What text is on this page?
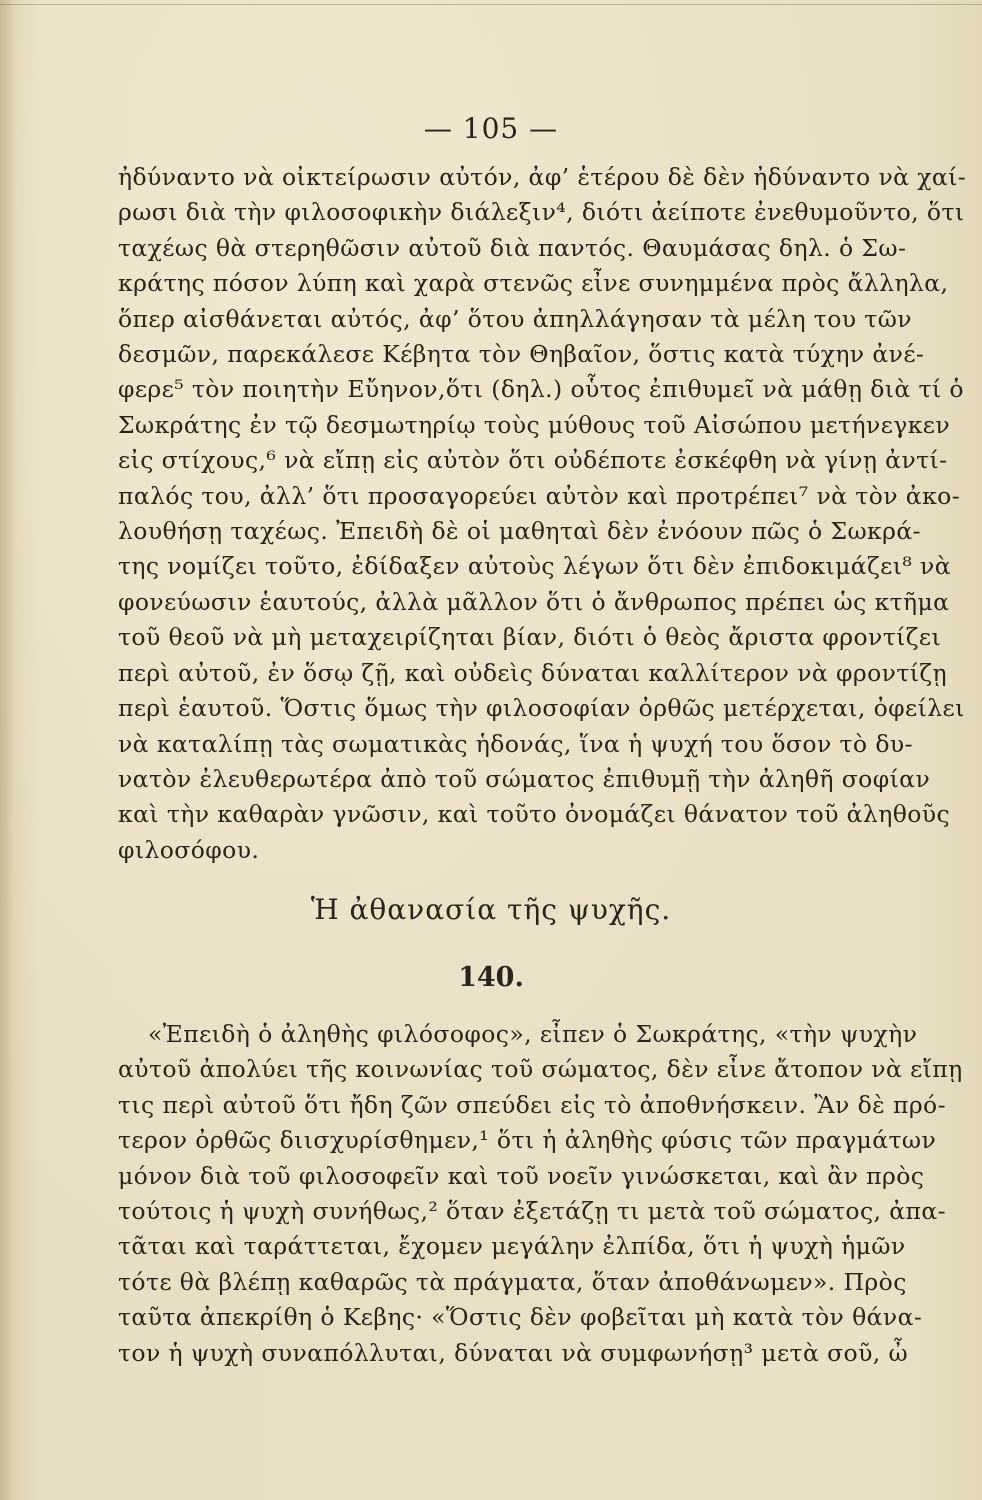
— 105 —
ἠδύναντο νὰ οἰκτείρωσιν αὐτόν, ἀφ’ ἑτέρου δὲ δὲν ἠδύναντο νὰ χαί-
ρωσι διὰ τὴν φιλοσοφικὴν διάλεξιν⁴, διότι ἀείποτε ἐνεθυμοῦντο, ὅτι
ταχέως θὰ στερηθῶσιν αὐτοῦ διὰ παντός. Θαυμάσας δηλ. ὁ Σω-
κράτης πόσον λύπη καὶ χαρὰ στενῶς εἶνε συνημμένα πρὸς ἄλληλα,
ὅπερ αἰσθάνεται αὐτός, ἀφ’ ὅτου ἀπηλλάγησαν τὰ μέλη του τῶν
δεσμῶν, παρεκάλεσε Κέβητα τὸν Θηβαῖον, ὅστις κατὰ τύχην ἀνέ-
φερε⁵ τὸν ποιητὴν Εὔηνον,ὅτι (δηλ.) οὗτος ἐπιθυμεῖ νὰ μάθῃ διὰ τί ὁ
Σωκράτης ἐν τῷ δεσμωτηρίῳ τοὺς μύθους τοῦ Αἰσώπου μετήνεγκεν
εἰς στίχους,⁶ νὰ εἴπῃ εἰς αὐτὸν ὅτι οὐδέποτε ἐσκέφθη νὰ γίνῃ ἀντί-
παλός του, ἀλλ’ ὅτι προσαγορεύει αὐτὸν καὶ προτρέπει⁷ νὰ τὸν ἀκο-
λουθήσῃ ταχέως. Ἐπειδὴ δὲ οἱ μαθηταὶ δὲν ἐνόουν πῶς ὁ Σωκρά-
της νομίζει τοῦτο, ἐδίδαξεν αὐτοὺς λέγων ὅτι δὲν ἐπιδοκιμάζει⁸ νὰ
φονεύωσιν ἑαυτούς, ἀλλὰ μᾶλλον ὅτι ὁ ἄνθρωπος πρέπει ὡς κτῆμα
τοῦ θεοῦ νὰ μὴ μεταχειρίζηται βίαν, διότι ὁ θεὸς ἄριστα φροντίζει
περὶ αὐτοῦ, ἐν ὅσῳ ζῇ, καὶ οὐδεὶς δύναται καλλίτερον νὰ φροντίζῃ
περὶ ἑαυτοῦ. Ὅστις ὅμως τὴν φιλοσοφίαν ὀρθῶς μετέρχεται, ὀφείλει
νὰ καταλίπῃ τὰς σωματικὰς ἡδονάς, ἵνα ἡ ψυχή του ὅσον τὸ δυ-
νατὸν ἐλευθερωτέρα ἀπὸ τοῦ σώματος ἐπιθυμῇ τὴν ἀληθῆ σοφίαν
καὶ τὴν καθαρὰν γνῶσιν, καὶ τοῦτο ὀνομάζει θάνατον τοῦ ἀληθοῦς
φιλοσόφου.
Ἡ ἀθανασία τῆς ψυχῆς.
140.
«Ἐπειδὴ ὁ ἀληθὴς φιλόσοφος», εἶπεν ὁ Σωκράτης, «τὴν ψυχὴν
αὐτοῦ ἀπολύει τῆς κοινωνίας τοῦ σώματος, δὲν εἶνε ἄτοπον νὰ εἴπῃ
τις περὶ αὐτοῦ ὅτι ἤδη ζῶν σπεύδει εἰς τὸ ἀποθνήσκειν. Ἂν δὲ πρό-
τερον ὀρθῶς διισχυρίσθημεν,¹ ὅτι ἡ ἀληθὴς φύσις τῶν πραγμάτων
μόνον διὰ τοῦ φιλοσοφεῖν καὶ τοῦ νοεῖν γινώσκεται, καὶ ἂν πρὸς
τούτοις ἡ ψυχὴ συνήθως,² ὅταν ἐξετάζῃ τι μετὰ τοῦ σώματος, ἀπα-
τᾶται καὶ ταράττεται, ἔχομεν μεγάλην ἐλπίδα, ὅτι ἡ ψυχὴ ἡμῶν
τότε θὰ βλέπῃ καθαρῶς τὰ πράγματα, ὅταν ἀποθάνωμεν». Πρὸς
ταῦτα ἀπεκρίθη ὁ Κεβης· «Ὅστις δὲν φοβεῖται μὴ κατὰ τὸν θάνα-
τον ἡ ψυχὴ συναπόλλυται, δύναται νὰ συμφωνήσῃ³ μετὰ σοῦ, ὦ
